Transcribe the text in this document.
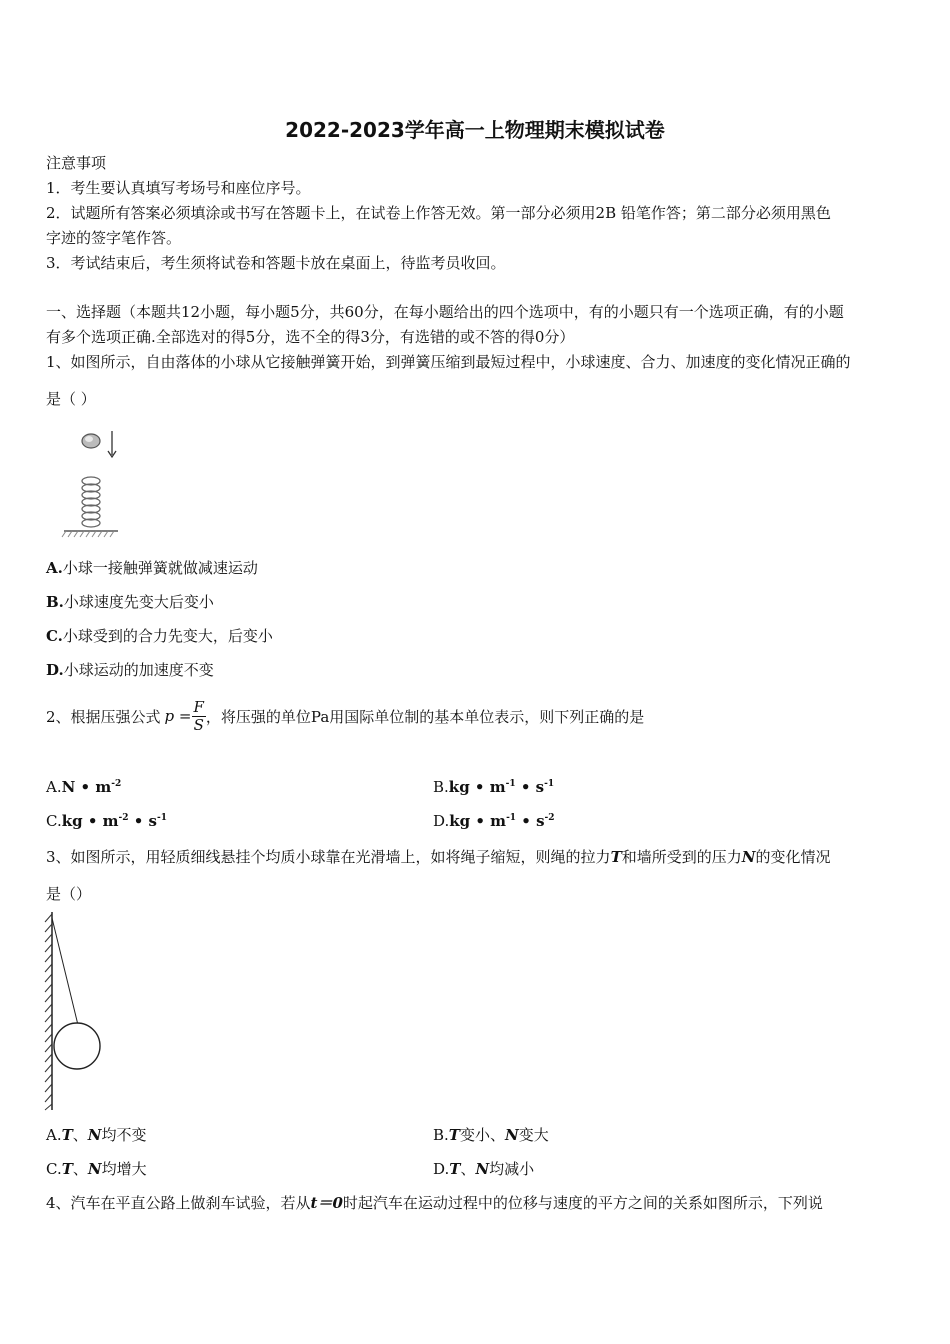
2022-2023学年高一上物理期末模拟试卷
注意事项
1．考生要认真填写考场号和座位序号。
2．试题所有答案必须填涂或书写在答题卡上，在试卷上作答无效。第一部分必须用2B 铅笔作答；第二部分必须用黑色
字迹的签字笔作答。
3．考试结束后，考生须将试卷和答题卡放在桌面上，待监考员收回。
一、选择题（本题共12小题，每小题5分，共60分，在每小题给出的四个选项中，有的小题只有一个选项正确，有的小题
有多个选项正确.全部选对的得5分，选不全的得3分，有选错的或不答的得0分）
1、如图所示，自由落体的小球从它接触弹簧开始，到弹簧压缩到最短过程中，小球速度、合力、加速度的变化情况正确的
是（ ）
A.小球一接触弹簧就做减速运动
B.小球速度先变大后变小
C.小球受到的合力先变大，后变小
D.小球运动的加速度不变
2、根据压强公式 $p = \frac{F}{S}$ ，将压强的单位Pa用国际单位制的基本单位表示，则下列正确的是
A.N • $m^{-2}$	B.kg • $m^{-1}$ • $s^{-1}$
C.kg • $m^{-2}$ • $s^{-1}$	D.kg • $m^{-1}$ • $s^{-2}$
3、如图所示，用轻质细线悬挂个均质小球靠在光滑墙上，如将绳子缩短，则绳的拉力T和墙所受到的压力N的变化情况
是（）
A.T、N均不变	B.T变小、N变大
C.T、N均增大	D.T、N均减小
4、汽车在平直公路上做刹车试验，若从t＝0时起汽车在运动过程中的位移与速度的平方之间的关系如图所示，下列说
